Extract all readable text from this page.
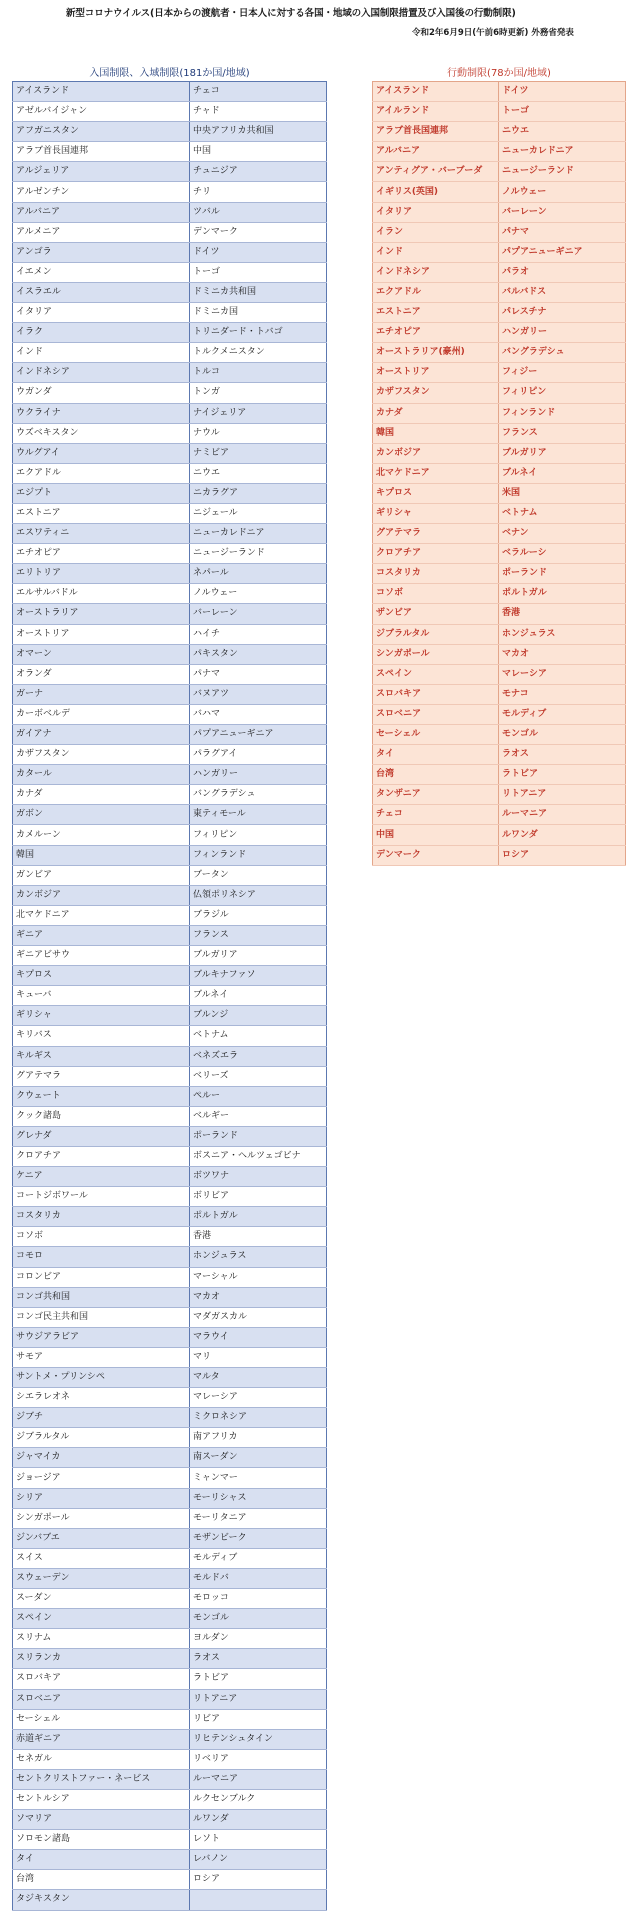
新型コロナウイルス(日本からの渡航者・日本人に対する各国・地域の入国制限措置及び入国後の行動制限)
令和2年6月9日(午前6時更新) 外務省発表
入国制限、入域制限(181か国/地域)
アイスランド	チェコ
アゼルバイジャン	チャド
アフガニスタン	中央アフリカ共和国
アラブ首長国連邦	中国
アルジェリア	チュニジア
アルゼンチン	チリ
アルバニア	ツバル
アルメニア	デンマーク
アンゴラ	ドイツ
イエメン	トーゴ
イスラエル	ドミニカ共和国
イタリア	ドミニカ国
イラク	トリニダード・トバゴ
インド	トルクメニスタン
インドネシア	トルコ
ウガンダ	トンガ
ウクライナ	ナイジェリア
ウズベキスタン	ナウル
ウルグアイ	ナミビア
エクアドル	ニウエ
エジプト	ニカラグア
エストニア	ニジェール
エスワティニ	ニューカレドニア
エチオピア	ニュージーランド
エリトリア	ネパール
エルサルバドル	ノルウェー
オーストラリア	バーレーン
オーストリア	ハイチ
オマーン	パキスタン
オランダ	パナマ
ガーナ	バヌアツ
カーボベルデ	バハマ
ガイアナ	パプアニューギニア
カザフスタン	パラグアイ
カタール	ハンガリー
カナダ	バングラデシュ
ガボン	東ティモール
カメルーン	フィリピン
韓国	フィンランド
ガンビア	ブータン
カンボジア	仏領ポリネシア
北マケドニア	ブラジル
ギニア	フランス
ギニアビサウ	ブルガリア
キプロス	ブルキナファソ
キューバ	ブルネイ
ギリシャ	ブルンジ
キリバス	ベトナム
キルギス	ベネズエラ
グアテマラ	ベリーズ
クウェート	ペルー
クック諸島	ベルギー
グレナダ	ポーランド
クロアチア	ボスニア・ヘルツェゴビナ
ケニア	ボツワナ
コートジボワール	ボリビア
コスタリカ	ポルトガル
コソボ	香港
コモロ	ホンジュラス
コロンビア	マーシャル
コンゴ共和国	マカオ
コンゴ民主共和国	マダガスカル
サウジアラビア	マラウイ
サモア	マリ
サントメ・プリンシペ	マルタ
シエラレオネ	マレーシア
ジブチ	ミクロネシア
ジブラルタル	南アフリカ
ジャマイカ	南スーダン
ジョージア	ミャンマー
シリア	モーリシャス
シンガポール	モーリタニア
ジンバブエ	モザンビーク
スイス	モルディブ
スウェーデン	モルドバ
スーダン	モロッコ
スペイン	モンゴル
スリナム	ヨルダン
スリランカ	ラオス
スロバキア	ラトビア
スロベニア	リトアニア
セーシェル	リビア
赤道ギニア	リヒテンシュタイン
セネガル	リベリア
セントクリストファー・ネービス	ルーマニア
セントルシア	ルクセンブルク
ソマリア	ルワンダ
ソロモン諸島	レソト
タイ	レバノン
台湾	ロシア
タジキスタン	
行動制限(78か国/地域)
アイスランド	ドイツ
アイルランド	トーゴ
アラブ首長国連邦	ニウエ
アルバニア	ニューカレドニア
アンティグア・バーブーダ	ニュージーランド
イギリス(英国)	ノルウェー
イタリア	バーレーン
イラン	パナマ
インド	パプアニューギニア
インドネシア	パラオ
エクアドル	バルバドス
エストニア	パレスチナ
エチオピア	ハンガリー
オーストラリア(豪州)	バングラデシュ
オーストリア	フィジー
カザフスタン	フィリピン
カナダ	フィンランド
韓国	フランス
カンボジア	ブルガリア
北マケドニア	ブルネイ
キプロス	米国
ギリシャ	ベトナム
グアテマラ	ベナン
クロアチア	ベラルーシ
コスタリカ	ポーランド
コソボ	ポルトガル
ザンビア	香港
ジブラルタル	ホンジュラス
シンガポール	マカオ
スペイン	マレーシア
スロバキア	モナコ
スロベニア	モルディブ
セーシェル	モンゴル
タイ	ラオス
台湾	ラトビア
タンザニア	リトアニア
チェコ	ルーマニア
中国	ルワンダ
デンマーク	ロシア
